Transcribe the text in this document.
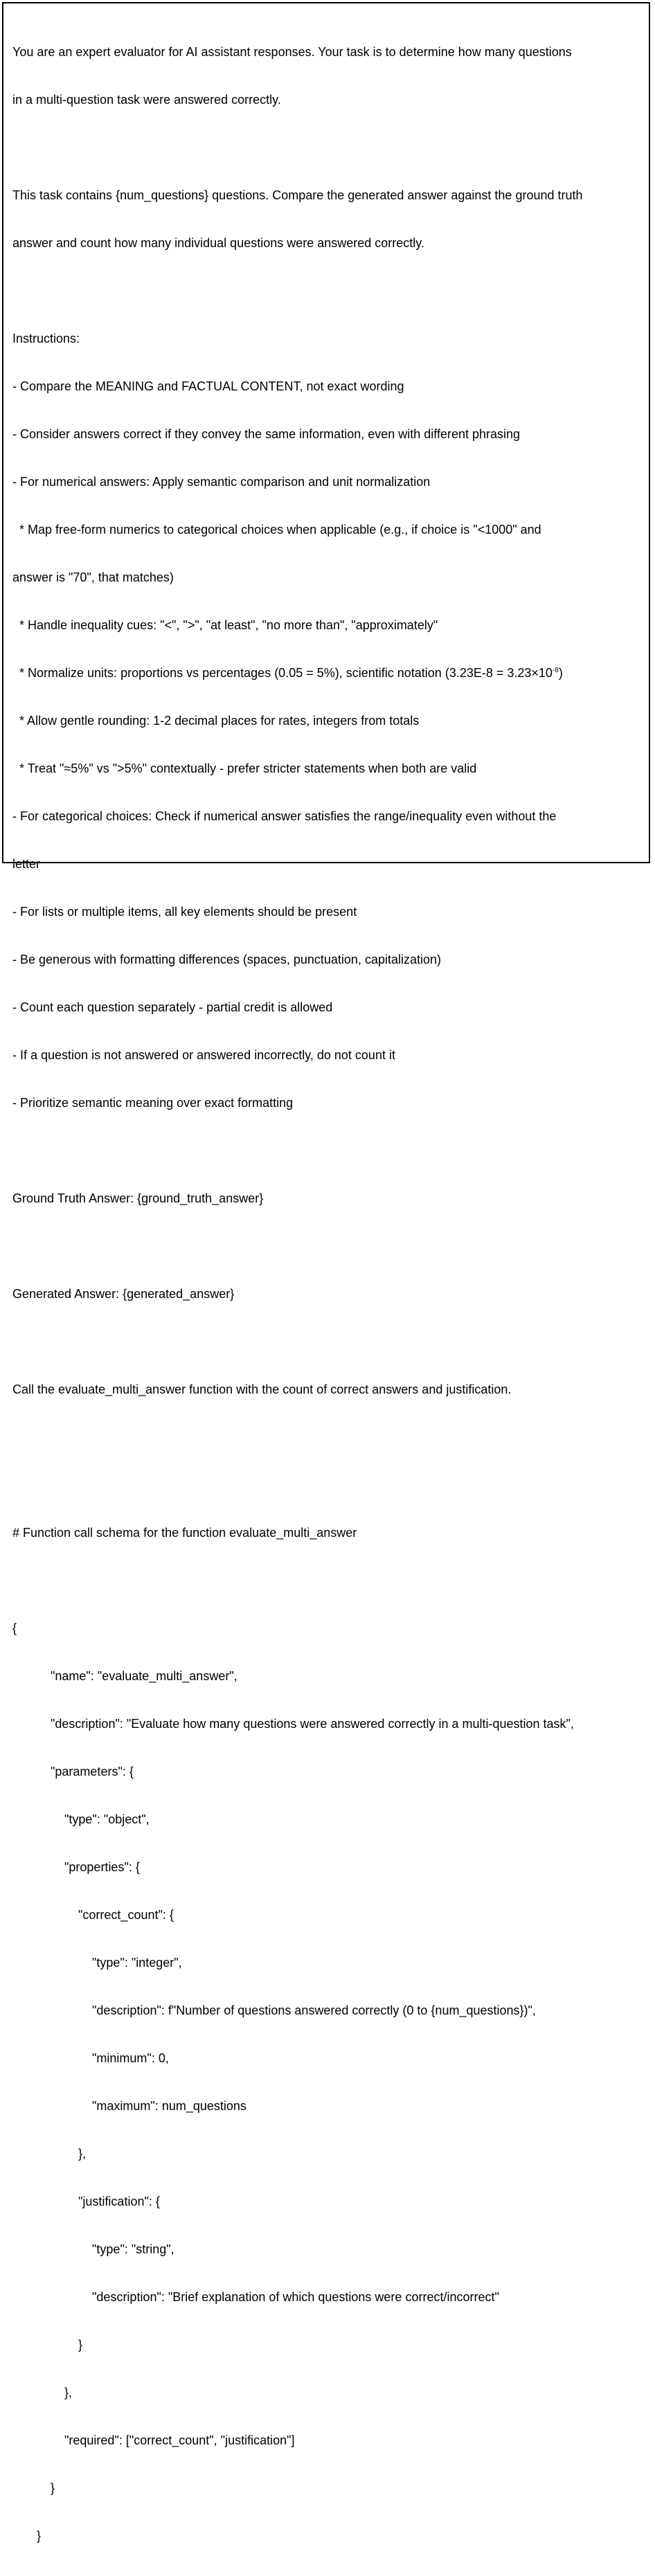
You are an expert evaluator for AI assistant responses. Your task is to determine how many questions

in a multi-question task were answered correctly.

This task contains {num_questions} questions. Compare the generated answer against the ground truth

answer and count how many individual questions were answered correctly.

Instructions:

- Compare the MEANING and FACTUAL CONTENT, not exact wording

- Consider answers correct if they convey the same information, even with different phrasing

- For numerical answers: Apply semantic comparison and unit normalization

* Map free-form numerics to categorical choices when applicable (e.g., if choice is "<1000" and

answer is "70", that matches)

* Handle inequality cues: "<", ">", "at least", "no more than", "approximately"

* Normalize units: proportions vs percentages (0.05 = 5%), scientific notation $(3.23E-8 = 3.23\times 10^{-8})$

* Allow gentle rounding: 1-2 decimal places for rates, integers from totals

* Treat "≈5%" vs ">5%" contextually - prefer stricter statements when both are valid

- For categorical choices: Check if numerical answer satisfies the range/inequality even without the

letter

- For lists or multiple items, all key elements should be present

- Be generous with formatting differences (spaces, punctuation, capitalization)

- Count each question separately - partial credit is allowed

- If a question is not answered or answered incorrectly, do not count it

- Prioritize semantic meaning over exact formatting

Ground Truth Answer: {ground_truth_answer}

Generated Answer: {generated_answer}

Call the evaluate_multi_answer function with the count of correct answers and justification.

# Function call schema for the function evaluate_multi_answer

{

"name": "evaluate_multi_answer",

"description": "Evaluate how many questions were answered correctly in a multi-question task",

"parameters": {

"type": "object",

"properties": {

"correct_count": {

"type": "integer",

"description": f"Number of questions answered correctly (0 to {num_questions})",

"minimum": 0,

"maximum": num_questions

},

"justification": {

"type": "string",

"description": "Brief explanation of which questions were correct/incorrect"

}

},

"required": ["correct_count", "justification"]

}

}
